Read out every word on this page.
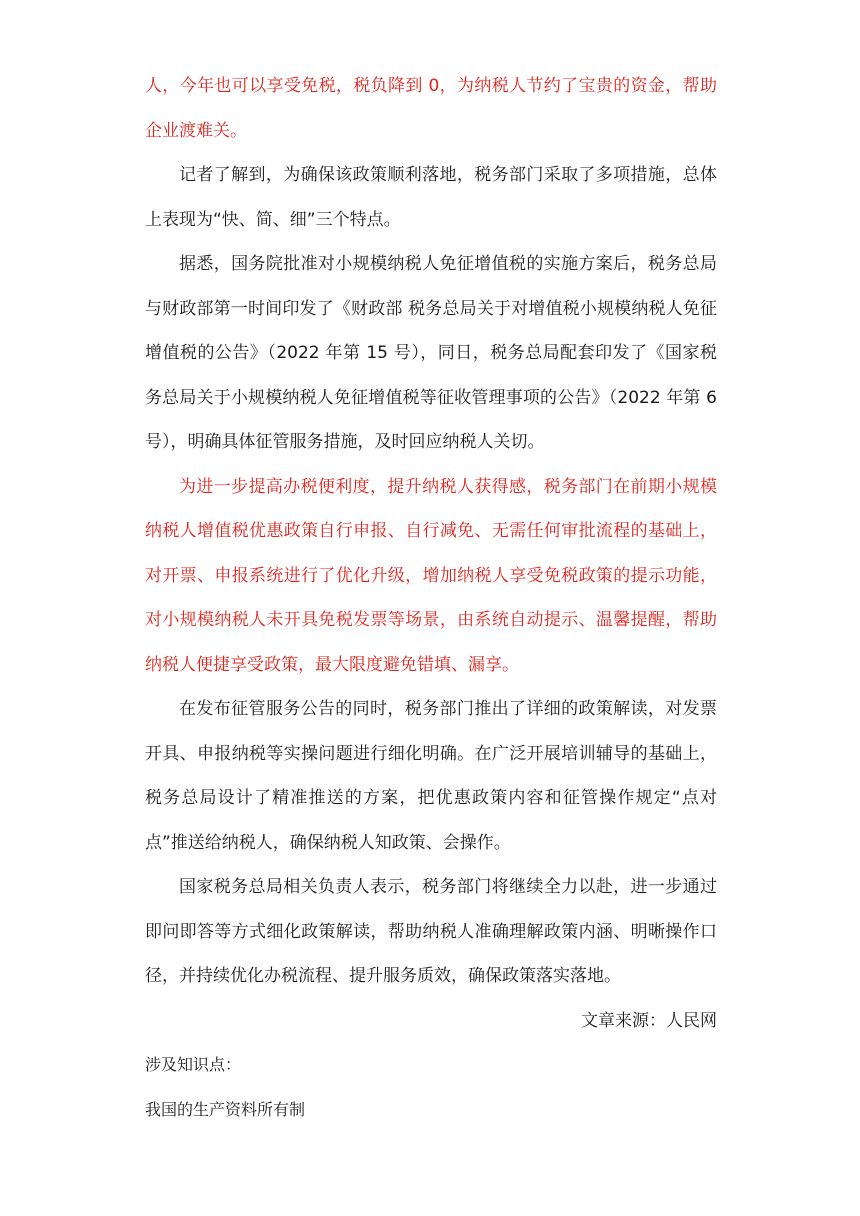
人，今年也可以享受免税，税负降到 0，为纳税人节约了宝贵的资金，帮助企业渡难关。

记者了解到，为确保该政策顺利落地，税务部门采取了多项措施，总体上表现为“快、简、细”三个特点。

据悉，国务院批准对小规模纳税人免征增值税的实施方案后，税务总局与财政部第一时间印发了《财政部 税务总局关于对增值税小规模纳税人免征增值税的公告》（2022 年第 15 号），同日，税务总局配套印发了《国家税务总局关于小规模纳税人免征增值税等征收管理事项的公告》（2022 年第 6 号），明确具体征管服务措施，及时回应纳税人关切。

为进一步提高办税便利度，提升纳税人获得感，税务部门在前期小规模纳税人增值税优惠政策自行申报、自行减免、无需任何审批流程的基础上，对开票、申报系统进行了优化升级，增加纳税人享受免税政策的提示功能，对小规模纳税人未开具免税发票等场景，由系统自动提示、温馨提醒，帮助纳税人便捷享受政策，最大限度避免错填、漏享。

在发布征管服务公告的同时，税务部门推出了详细的政策解读，对发票开具、申报纳税等实操问题进行细化明确。在广泛开展培训辅导的基础上，税务总局设计了精准推送的方案，把优惠政策内容和征管操作规定“点对点”推送给纳税人，确保纳税人知政策、会操作。

国家税务总局相关负责人表示，税务部门将继续全力以赴，进一步通过即问即答等方式细化政策解读，帮助纳税人准确理解政策内涵、明晰操作口径，并持续优化办税流程、提升服务质效，确保政策落实落地。

文章来源：人民网

涉及知识点：

我国的生产资料所有制
